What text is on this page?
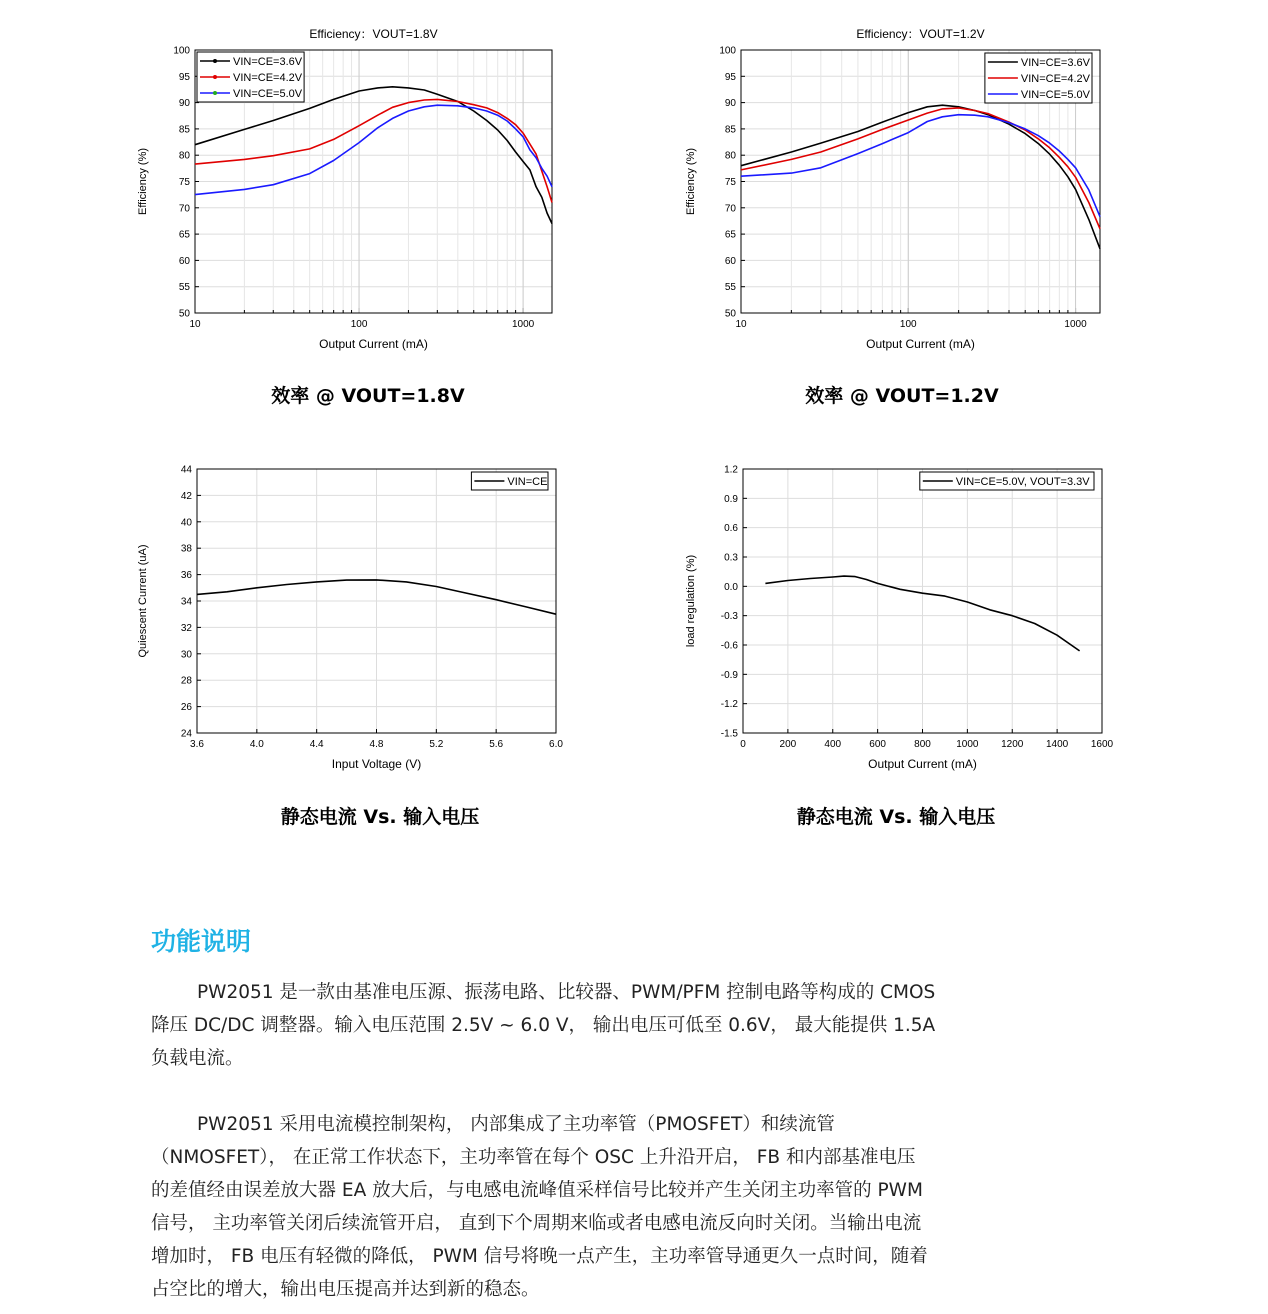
Efficiency：VOUT=1.8V
50
55
60
65
70
75
80
85
90
95
100
10	100	1000
Output Current (mA)
Efficiency (%)
VIN=CE=3.6V
VIN=CE=4.2V
VIN=CE=5.0V
Efficiency：VOUT=1.2V
50
55
60
65
70
75
80
85
90
95
100
10	100	1000
Output Current (mA)
Efficiency (%)
VIN=CE=3.6V
VIN=CE=4.2V
VIN=CE=5.0V
24
26
28
30
32
34
36
38
40
42
44
3.6	4.0	4.4	4.8	5.2	5.6	6.0
Input Voltage (V)
Quiescent Current (uA)
VIN=CE
-1.5
-1.2
-0.9
-0.6
-0.3
0.0
0.3
0.6
0.9
1.2
0	200	400	600	800	1000 1200 1400 1600
Output Current (mA)
load regulation (%)
VIN=CE=5.0V, VOUT=3.3V
效率 @ VOUT=1.8V	效率 @ VOUT=1.2V
静态电流 Vs. 输入电压	静态电流 Vs. 输入电压
功能说明
PW2051 是一款由基准电压源、振荡电路、比较器、PWM/PFM 控制电路等构成的 CMOS
降压 DC/DC 调整器。输入电压范围 2.5V ~ 6.0 V， 输出电压可低至 0.6V， 最大能提供 1.5A
负载电流。
PW2051 采用电流模控制架构， 内部集成了主功率管（PMOSFET）和续流管
（NMOSFET）， 在正常工作状态下，主功率管在每个 OSC 上升沿开启， FB 和内部基准电压
的差值经由误差放大器 EA 放大后，与电感电流峰值采样信号比较并产生关闭主功率管的 PWM
信号， 主功率管关闭后续流管开启， 直到下个周期来临或者电感电流反向时关闭。当输出电流
增加时， FB 电压有轻微的降低， PWM 信号将晚一点产生，主功率管导通更久一点时间，随着
占空比的增大，输出电压提高并达到新的稳态。
